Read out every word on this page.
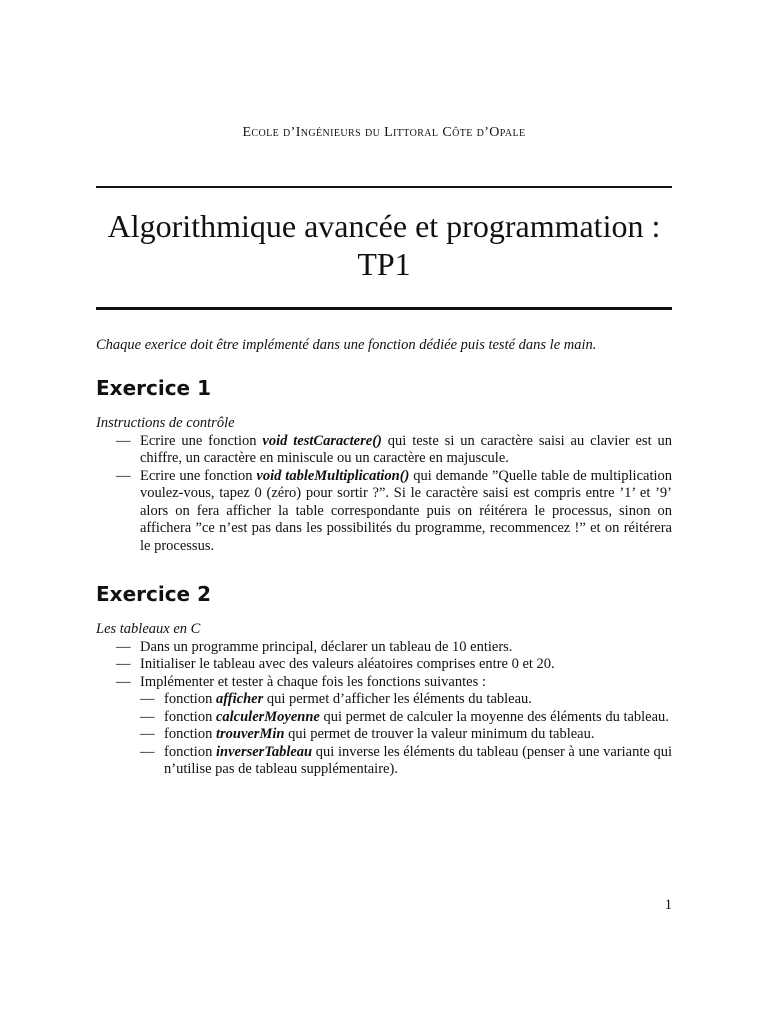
Ecole d’Ingénieurs du Littoral Côte d’Opale
Algorithmique avancée et programmation :
TP1
Chaque exerice doit être implémenté dans une fonction dédiée puis testé dans le main.
Exercice 1
Instructions de contrôle
— Ecrire une fonction void testCaractere() qui teste si un caractère saisi au clavier est un chiffre, un caractère en miniscule ou un caractère en majuscule.
— Ecrire une fonction void tableMultiplication() qui demande ”Quelle table de multiplication voulez-vous, tapez 0 (zéro) pour sortir ?”. Si le caractère saisi est compris entre ’1’ et ’9’ alors on fera afficher la table correspondante puis on réitérera le processus, sinon on affichera ”ce n’est pas dans les possibilités du programme, recommencez !” et on réitérera le processus.
Exercice 2
Les tableaux en C
— Dans un programme principal, déclarer un tableau de 10 entiers.
— Initialiser le tableau avec des valeurs aléatoires comprises entre 0 et 20.
— Implémenter et tester à chaque fois les fonctions suivantes :
— fonction afficher qui permet d’afficher les éléments du tableau.
— fonction calculerMoyenne qui permet de calculer la moyenne des éléments du tableau.
— fonction trouverMin qui permet de trouver la valeur minimum du tableau.
— fonction inverserTableau qui inverse les éléments du tableau (penser à une variante qui n’utilise pas de tableau supplémentaire).
1
